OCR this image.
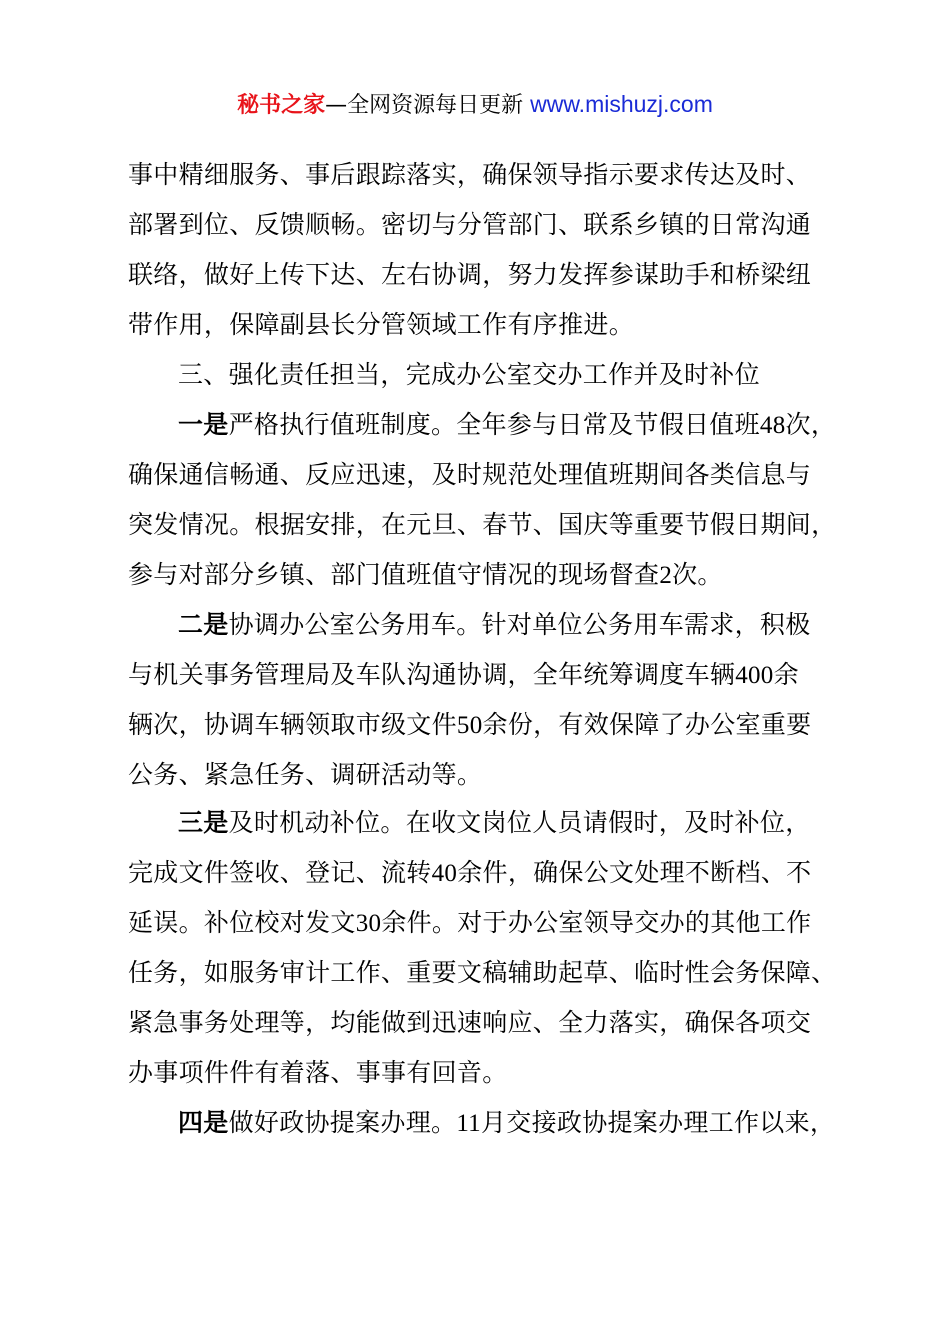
秘书之家—全网资源每日更新 www.mishuzj.com
事中精细服务、事后跟踪落实，确保领导指示要求传达及时、
部署到位、反馈顺畅。密切与分管部门、联系乡镇的日常沟通
联络，做好上传下达、左右协调，努力发挥参谋助手和桥梁纽
带作用，保障副县长分管领域工作有序推进。
三、强化责任担当，完成办公室交办工作并及时补位
一是严格执行值班制度。全年参与日常及节假日值班48次，
确保通信畅通、反应迅速，及时规范处理值班期间各类信息与
突发情况。根据安排，在元旦、春节、国庆等重要节假日期间，
参与对部分乡镇、部门值班值守情况的现场督查2次。
二是协调办公室公务用车。针对单位公务用车需求，积极
与机关事务管理局及车队沟通协调，全年统筹调度车辆400余
辆次，协调车辆领取市级文件50余份，有效保障了办公室重要
公务、紧急任务、调研活动等。
三是及时机动补位。在收文岗位人员请假时，及时补位，
完成文件签收、登记、流转40余件，确保公文处理不断档、不
延误。补位校对发文30余件。对于办公室领导交办的其他工作
任务，如服务审计工作、重要文稿辅助起草、临时性会务保障、
紧急事务处理等，均能做到迅速响应、全力落实，确保各项交
办事项件件有着落、事事有回音。
四是做好政协提案办理。11月交接政协提案办理工作以来，
